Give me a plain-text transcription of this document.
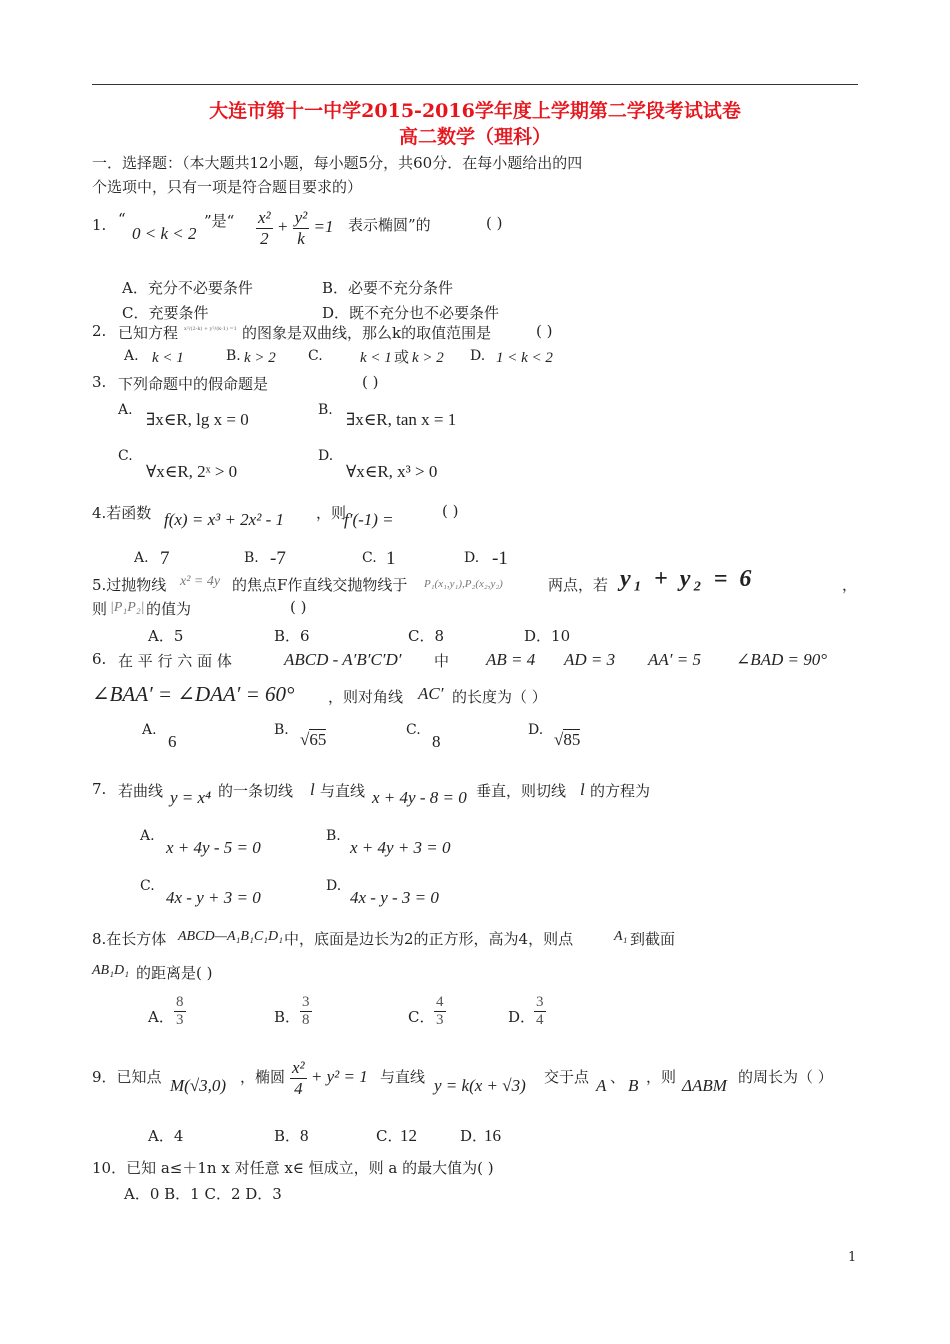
大连市第十一中学2015-2016学年度上学期第二学段考试试卷
高二数学（理科）
一．选择题：（本大题共12小题，每小题5分，共60分．在每小题给出的四
个选项中，只有一项是符合题目要求的）
1. “
0 < k < 2
”是“ $\frac{\text{x²}}{2} + \frac{\text{y²}}{k} =1$ 表示椭圆”的	( )
A．充分不必要条件	B．必要不充分条件
C．充要条件	D．既不充分也不必要条件
2. 已知方程 x²/(2-k) + y²/(k-1) =1 的图象是双曲线，那么k的取值范围是	( )
A. k < 1	B. k > 2 C. k < 1 或 k > 2 D. 1 < k < 2
3. 下列命题中的假命题是	( )
A. ∃x∈R, lg x = 0	B. ∃x∈R, tan x = 1
C.
∀x∈R, 2ˣ > 0
D.
∀x∈R, x³ > 0
4.若函数 f(x) = x³ + 2x² - 1 ，则
f′(-1) =	( )
A. 7	B. -7	C. 1	D. -1
5.过抛物线 x² = 4y 的焦点F作直线交抛物线于 P₁(x₁,y₁),P₂(x₂,y₂)	两点，若 y₁ + y₂ = 6	，
则 |P₁P₂| 的值为	( )
A．5	B．6	C．8	D．10
6. 在 平 行 六 面 体	ABCD - A′B′C′D′ 中 AB = 4 AD = 3 AA′ = 5 ∠BAD = 90°
∠BAA′ = ∠DAA′ = 60° ，则对角线 AC′ 的长度为（ ）
A.
6
B. √65	C.
8
D. √85
7. 若曲线 y = x⁴ 的一条切线 l 与直线 x + 4y - 8 = 0 垂直，则切线 l 的方程为
A.
x + 4y - 5 = 0
B.
x + 4y + 3 = 0
C.
4x - y + 3 = 0
D.
4x - y - 3 = 0
8.在长方体 ABCD—A₁B₁C₁D₁ 中，底面是边长为2的正方形，高为4，则点	A₁ 到截面
AB₁D₁ 的距离是( )
A． $\frac{8}{3}$	B． $\frac{3}{8}$	C． $\frac{4}{3}$	D．
$\frac{3}{4}$
9．已知点 M(√3,0) ，椭圆 $\frac{\text{x²}}{4} + y^2 = 1$ 与直线 y = k(x + √3) 交于点 A 、 B ，则 ΔABM 的周长为（ ）
A．4	B． 8	C．
12	D．
16
10．已知 a≤＋1n x 对任意 x∈ 恒成立，则 a 的最大值为( )
A．0 B．1 C．2 D．3
1
